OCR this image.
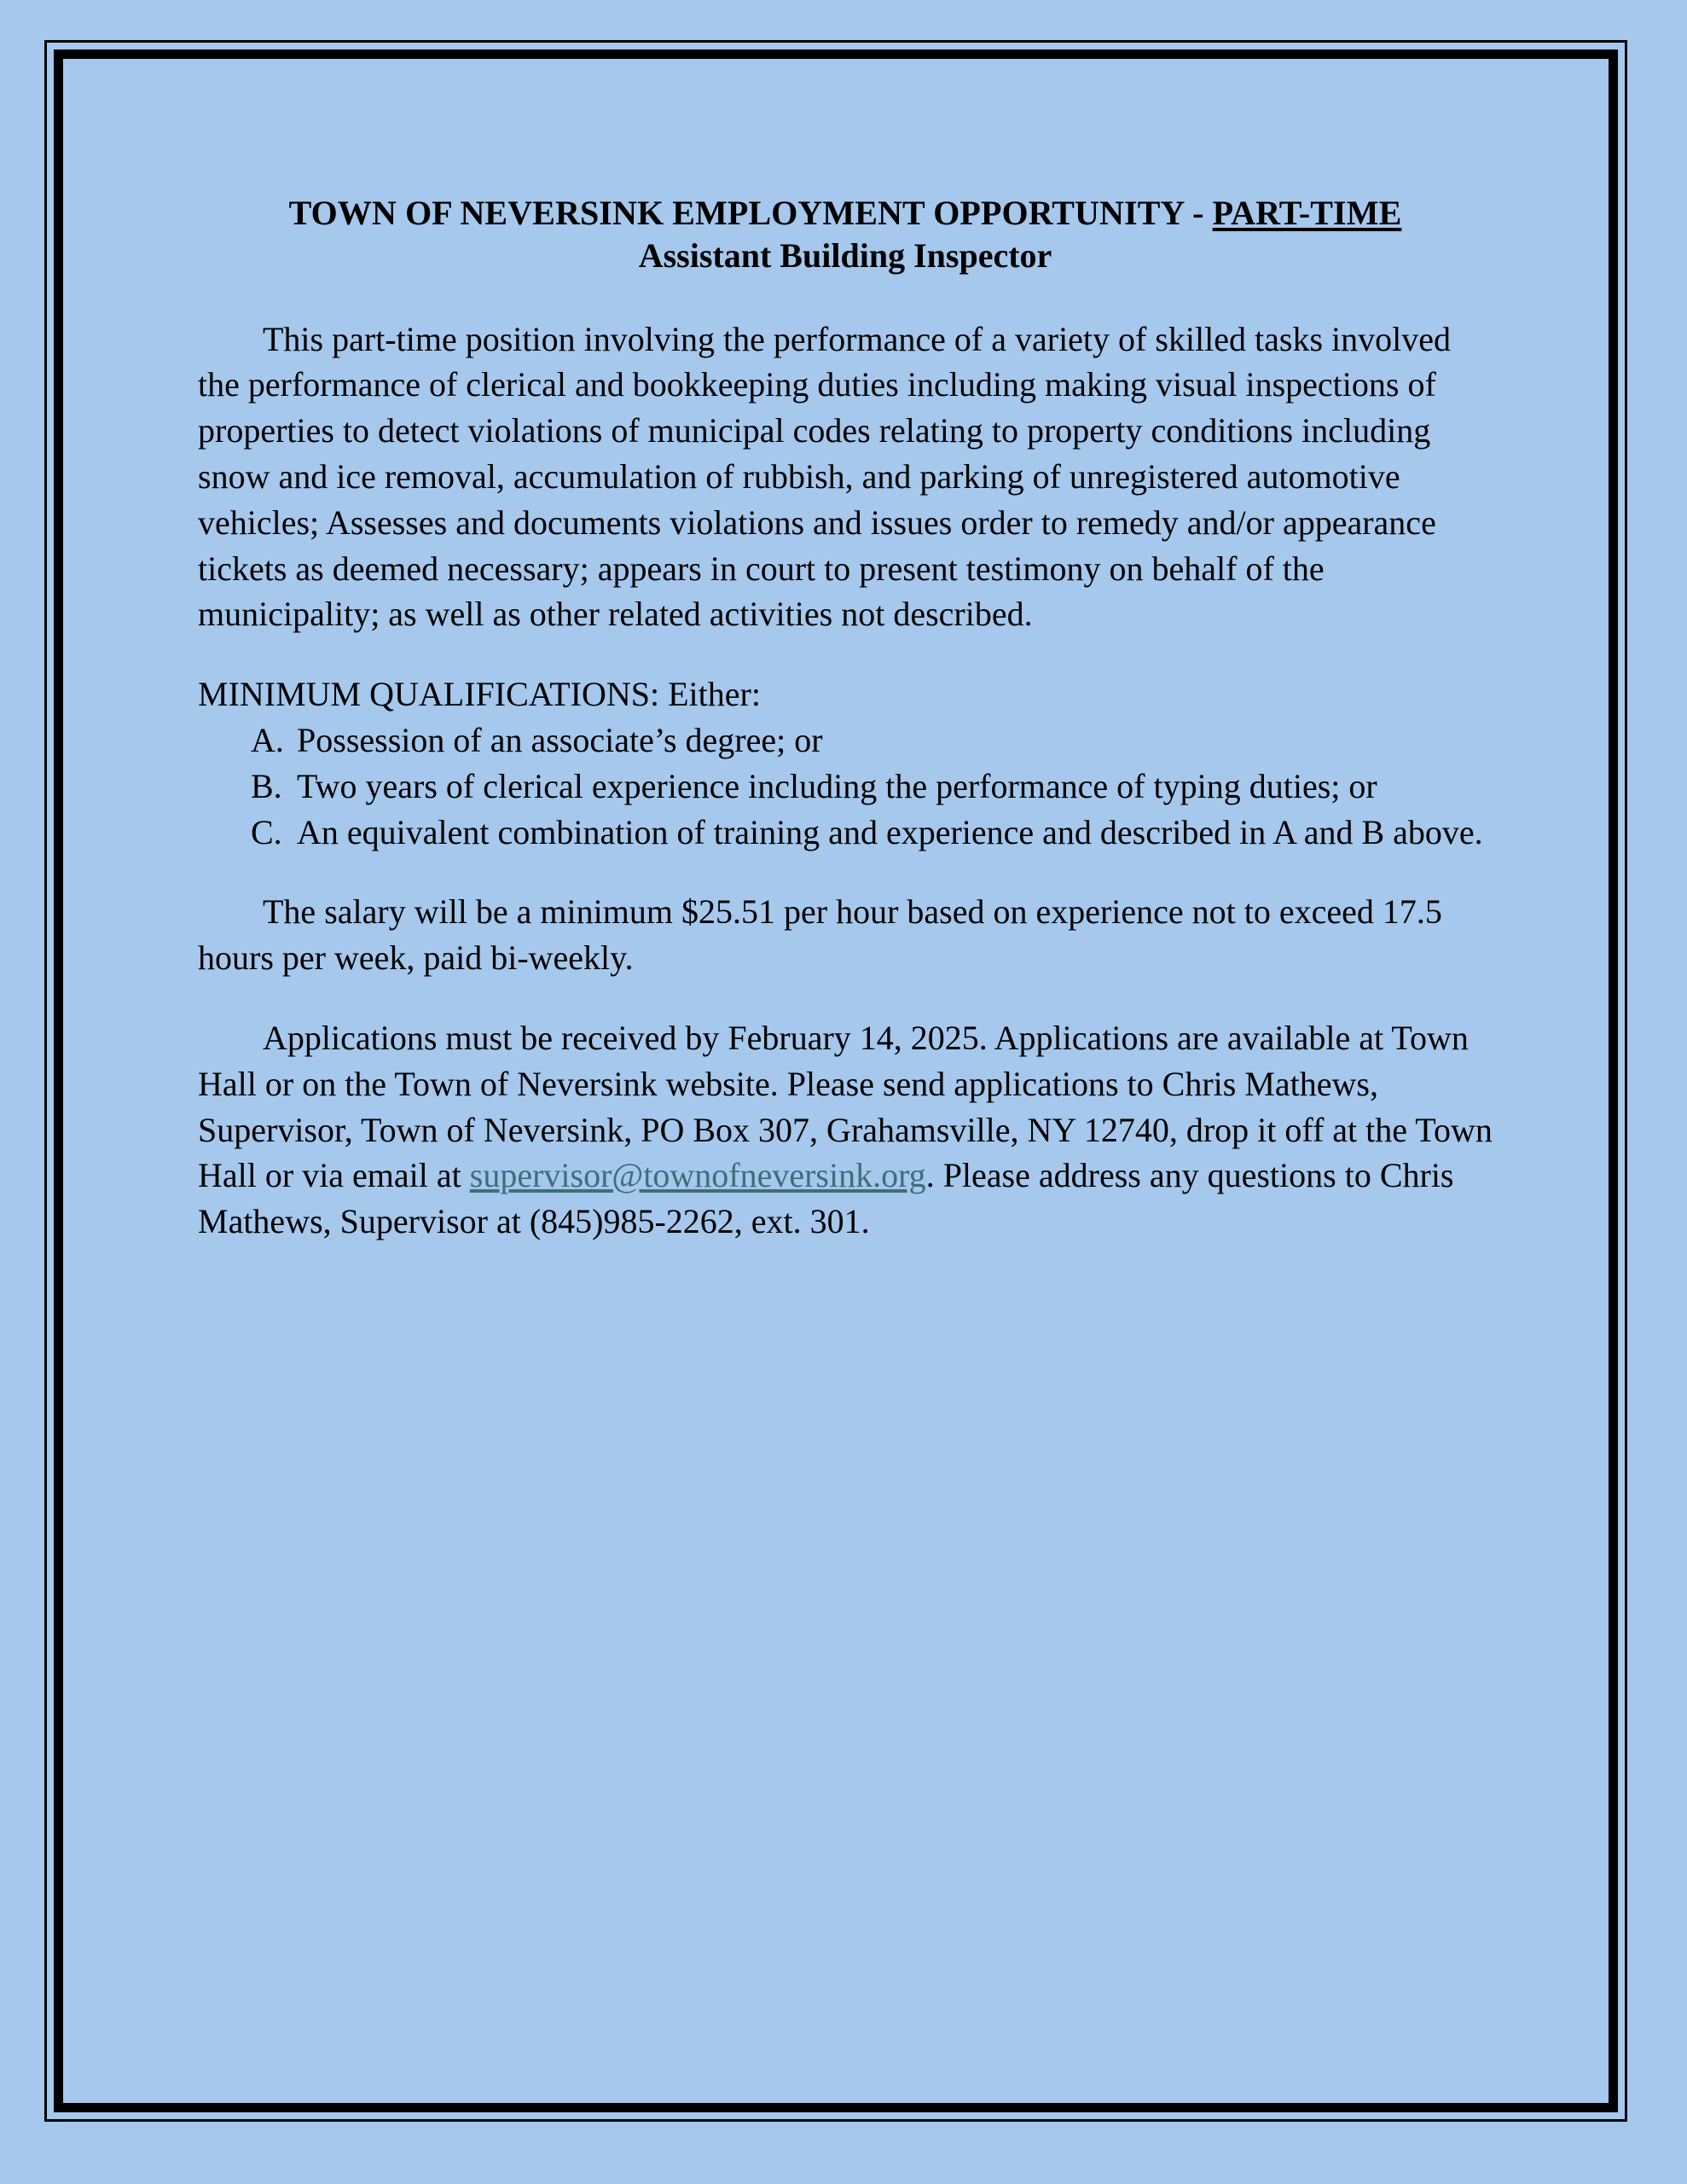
TOWN OF NEVERSINK EMPLOYMENT OPPORTUNITY - PART-TIME
Assistant Building Inspector

This part-time position involving the performance of a variety of skilled tasks involved the performance of clerical and bookkeeping duties including making visual inspections of properties to detect violations of municipal codes relating to property conditions including snow and ice removal, accumulation of rubbish, and parking of unregistered automotive vehicles; Assesses and documents violations and issues order to remedy and/or appearance tickets as deemed necessary; appears in court to present testimony on behalf of the municipality; as well as other related activities not described.

MINIMUM QUALIFICATIONS: Either:
A. Possession of an associate’s degree; or
B. Two years of clerical experience including the performance of typing duties; or
C. An equivalent combination of training and experience and described in A and B above.

The salary will be a minimum $25.51 per hour based on experience not to exceed 17.5 hours per week, paid bi-weekly.

Applications must be received by February 14, 2025. Applications are available at Town Hall or on the Town of Neversink website. Please send applications to Chris Mathews, Supervisor, Town of Neversink, PO Box 307, Grahamsville, NY 12740, drop it off at the Town Hall or via email at supervisor@townofneversink.org. Please address any questions to Chris Mathews, Supervisor at (845)985-2262, ext. 301.
